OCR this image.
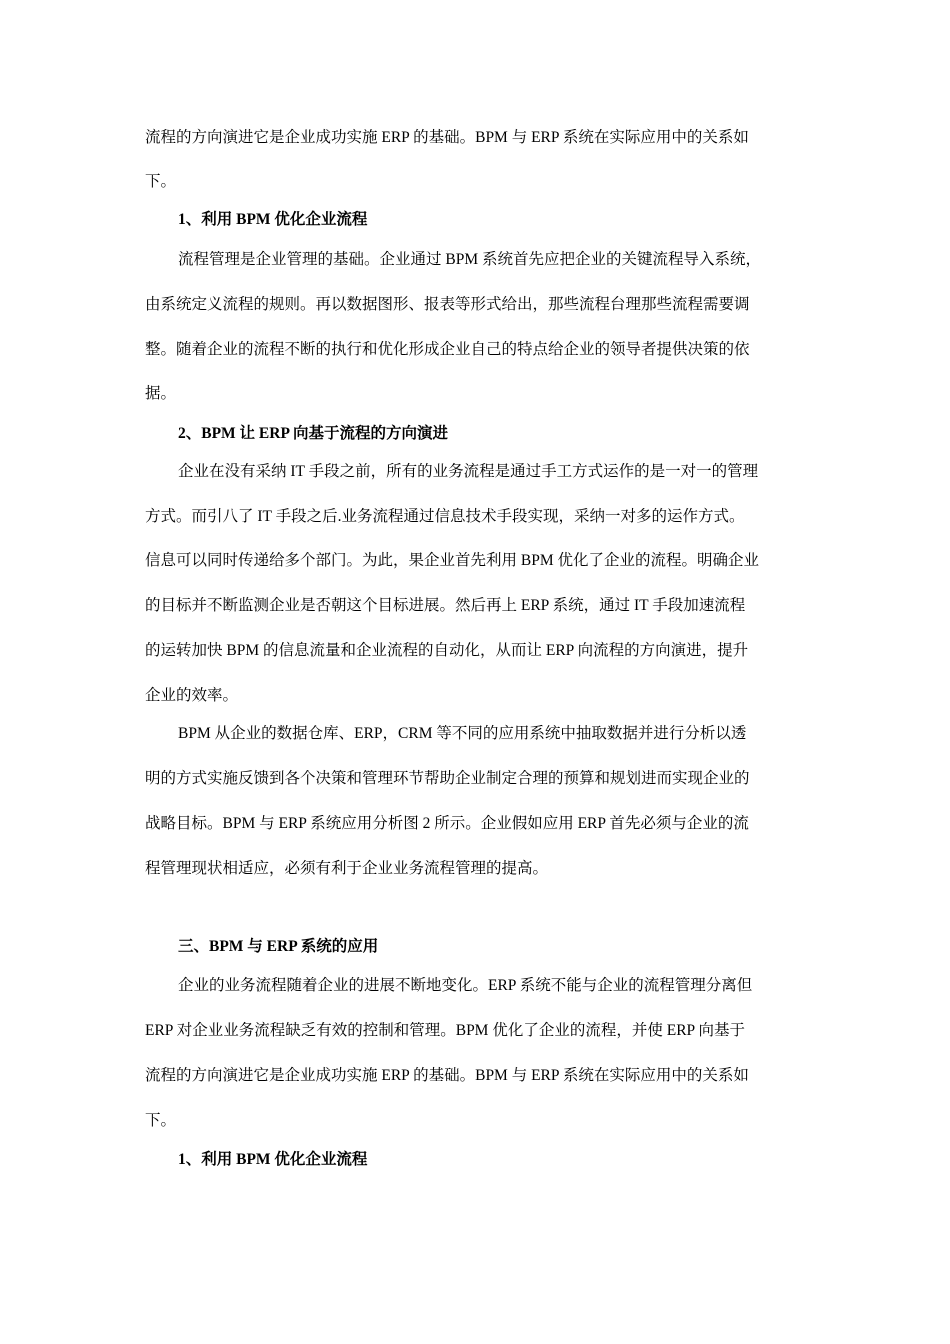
流程的方向演进它是企业成功实施 ERP 的基础。BPM 与 ERP 系统在实际应用中的关系如
下。
1、利用 BPM 优化企业流程
流程管理是企业管理的基础。企业通过 BPM 系统首先应把企业的关键流程导入系统，
由系统定义流程的规则。再以数据图形、报表等形式给出，那些流程台理那些流程需要调
整。随着企业的流程不断的执行和优化形成企业自己的特点给企业的领导者提供决策的依
据。
2、BPM 让 ERP 向基于流程的方向演进
企业在没有采纳 IT 手段之前，所有的业务流程是通过手工方式运作的是一对一的管理
方式。而引八了 IT 手段之后.业务流程通过信息技术手段实现，采纳一对多的运作方式。
信息可以同时传递给多个部门。为此，果企业首先利用 BPM 优化了企业的流程。明确企业
的目标并不断监测企业是否朝这个目标进展。然后再上 ERP 系统，通过 IT 手段加速流程
的运转加快 BPM 的信息流量和企业流程的自动化，从而让 ERP 向流程的方向演进，提升
企业的效率。
BPM 从企业的数据仓库、ERP，CRM 等不同的应用系统中抽取数据并进行分析以透
明的方式实施反馈到各个决策和管理环节帮助企业制定合理的预算和规划进而实现企业的
战略目标。BPM 与 ERP 系统应用分析图 2 所示。企业假如应用 ERP 首先必须与企业的流
程管理现状相适应，必须有利于企业业务流程管理的提高。
三、BPM 与 ERP 系统的应用
企业的业务流程随着企业的进展不断地变化。ERP 系统不能与企业的流程管理分离但
ERP 对企业业务流程缺乏有效的控制和管理。BPM 优化了企业的流程，并使 ERP 向基于
流程的方向演进它是企业成功实施 ERP 的基础。BPM 与 ERP 系统在实际应用中的关系如
下。
1、利用 BPM 优化企业流程
